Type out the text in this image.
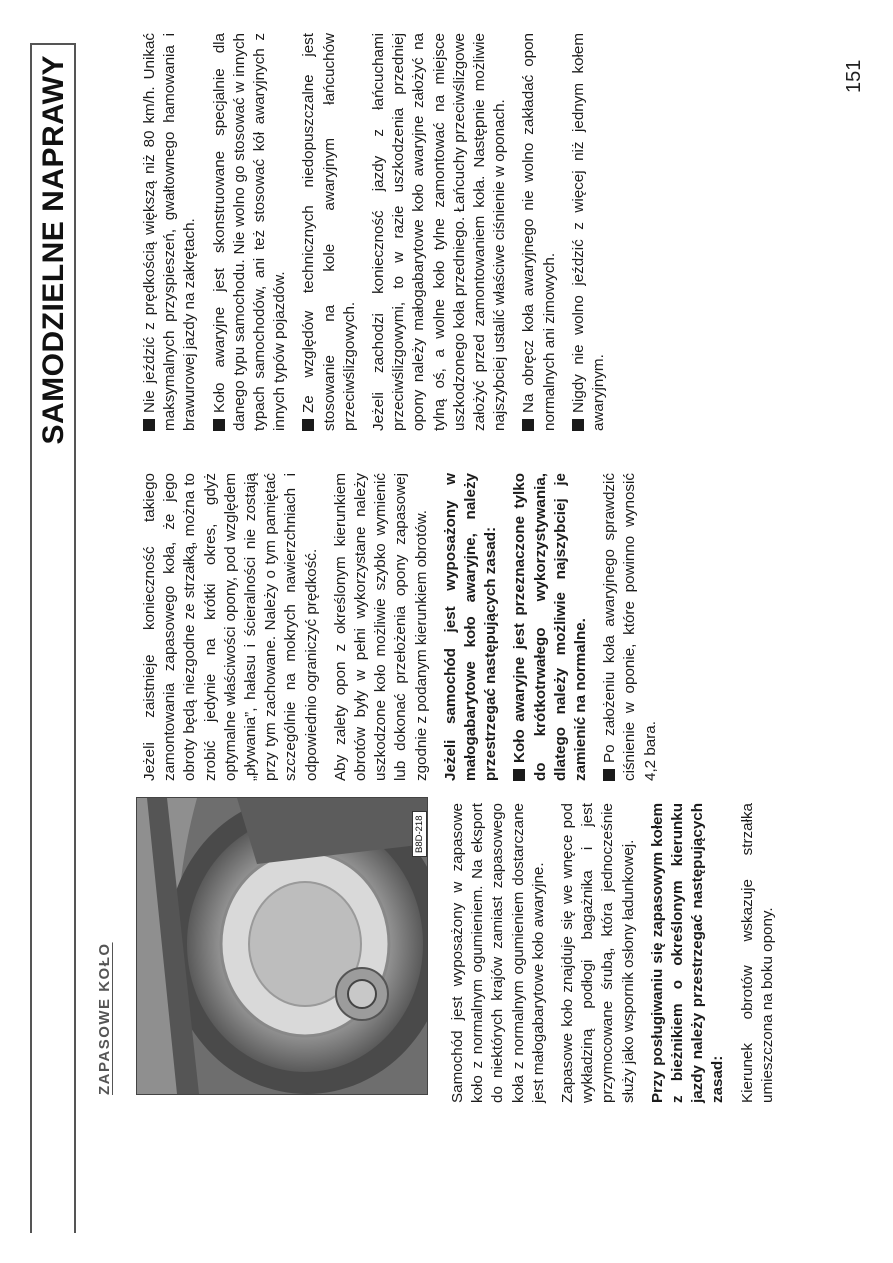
SAMODZIELNE NAPRAWY
ZAPASOWE KOŁO
B8D-218 Samochód jest wyposażony w zapasowe koło z normalnym ogumieniem. Na eksport do niektórych krajów zamiast zapasowego koła z normalnym ogumieniem dostarczane jest małogabarytowe koło awaryjne. Zapasowe koło znajduje się we wnęce pod wykładziną podłogi bagażnika i jest przymocowane śrubą, która jednocześnie służy jako wspornik osłony ładunkowej. Przy posługiwaniu się zapasowym kołem z bieżnikiem o określonym kierunku jazdy należy przestrzegać następujących zasad: Kierunek obrotów wskazuje strzałka umieszczona na boku opony.

Jeżeli zaistnieje konieczność takiego zamontowania zapasowego koła, że jego obroty będą niezgodne ze strzałką, można to zrobić jedynie na krótki okres, gdyż optymalne właściwości opony, pod względem „pływania”, hałasu i ścieralności nie zostają przy tym zachowane. Należy o tym pamiętać szczególnie na mokrych nawierzchniach i odpowiednio ograniczyć prędkość. Aby zalety opon z określonym kierunkiem obrotów były w pełni wykorzystane należy uszkodzone koło możliwie szybko wymienić lub dokonać przełożenia opony zapasowej zgodnie z podanym kierunkiem obrotów. Jeżeli samochód jest wyposażony w małogabarytowe koło awaryjne, należy przestrzegać następujących zasad: Koło awaryjne jest przeznaczone tylko do krótkotrwałego wykorzystywania, dlatego należy możliwie najszybciej je zamienić na normalne. Po założeniu koła awaryjnego sprawdzić ciśnienie w oponie, które powinno wynosić 4,2 bara.

Nie jeździć z prędkością większą niż 80 km/h. Unikać maksymalnych przyspieszeń, gwałtownego hamowania i brawurowej jazdy na zakrętach. Koło awaryjne jest skonstruowane specjalnie dla danego typu samochodu. Nie wolno go stosować w innych typach samochodów, ani też stosować kół awaryjnych z innych typów pojazdów. Ze względów technicznych niedopuszczalne jest stosowanie na kole awaryjnym łańcuchów przeciwślizgowych. Jeżeli zachodzi konieczność jazdy z łańcuchami przeciwślizgowymi, to w razie uszkodzenia przedniej opony należy małogabarytowe koło awaryjne założyć na tylną oś, a wolne koło tylne zamontować na miejsce uszkodzonego koła przedniego. Łańcuchy przeciwślizgowe założyć przed zamontowaniem koła. Następnie możliwie najszybciej ustalić właściwe ciśnienie w oponach. Na obręcz koła awaryjnego nie wolno zakładać opon normalnych ani zimowych. Nigdy nie wolno jeździć z więcej niż jednym kołem awaryjnym.

151
